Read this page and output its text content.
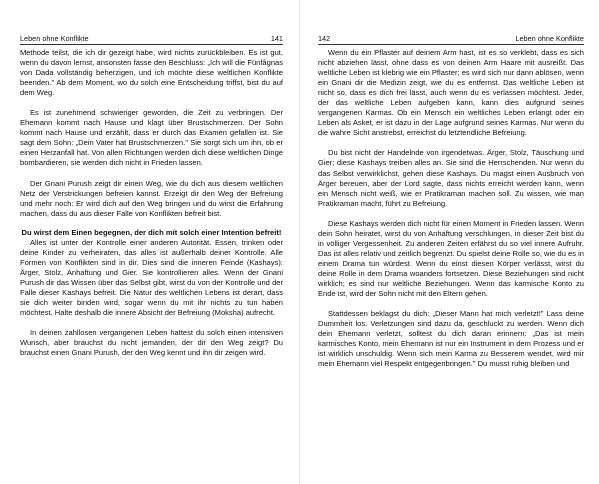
Leben ohne Konflikte	141

Methode teilst, die ich dir gezeigt habe, wird nichts zurückbleiben. Es ist gut, wenn du davon lernst, ansonsten fasse den Beschluss: „Ich will die Fünfâgnas von Dada vollständig beherzigen, und ich möchte diese weltlichen Konflikte beenden." Ab dem Moment, wo du solch eine Entscheidung triffst, bist du auf dem Weg.

Es ist zunehmend schwieriger geworden, die Zeit zu verbringen. Der Ehemann kommt nach Hause und klagt über Brustschmerzen. Der Sohn kommt nach Hause und erzählt, dass er durch das Examen gefallen ist. Sie sagt dem Sohn: „Dein Vater hat Brustschmerzen." Sie sorgt sich um ihn, ob er einen Herzanfall hat. Von allen Richtungen werden dich diese weltlichen Dinge bombardieren, sie werden dich nicht in Frieden lassen.

Der Gnani Purush zeigt dir einen Weg, wie du dich aus diesem weltlichen Netz der Verstrickungen befreien kannst. Erzeigt dir den Weg der Befreiung und mehr noch: Er wird dich auf den Weg bringen und du wirst die Erfahrung machen, dass du aus dieser Falle von Konflikten befreit bist.

Du wirst dem Einen begegnen, der dich mit solch einer Intention befreit!

Alles ist unter der Kontrolle einer anderen Autorität. Essen, trinken oder deine Kinder zu verheiraten, das alles ist außerhalb deiner Kontrolle. Alle Formen von Konflikten sind in dir. Dies sind die inneren Feinde (Kashays): Ärger, Stolz, Anhaftung und Gier. Sie kontrollieren alles. Wenn der Gnani Purush dir das Wissen über das Selbst gibt, wirst du von der Kontrolle und der Falle dieser Kashays befreit. Die Natur des weltlichen Lebens ist derart, dass sie dich weiter binden wird, sogar wenn du mit ihr nichts zu tun haben möchtest. Halte deshalb die innere Absicht der Befreiung (Moksha) aufrecht.

In deinen zahllosen vergangenen Leben hattest du solch einen intensiven Wunsch, aber brauchst du nicht jemanden, der dir den Weg zeigt? Du brauchst einen Gnani Purush, der den Weg kennt und ihn dir zeigen wird.

142	Leben ohne Konflikte

Wenn du ein Pflaster auf deinem Arm hast, ist es so verklebt, dass es sich nicht abziehen lässt, ohne dass es von deinen Arm Haare mit ausreißt. Das weltliche Leben ist klebrig wie ein Pflaster; es wird sich nur dann ablösen, wenn ein Gnani dir die Medizin zeigt, wie du es entfernst. Das weltliche Leben ist nicht so, dass es dich frei lässt, auch wenn du es verlassen möchtest. Jeder, der das weltliche Leben aufgeben kann, kann dies aufgrund seines vergangenen Karmas. Ob ein Mensch ein weltliches Leben erlangt oder ein Leben als Asket, er ist dazu in der Lage aufgrund seines Karmas. Nur wenn du die wahre Sicht anstrebst, erreichst du letztendliche Befreiung.

Du bist nicht der Handelnde von irgendetwas. Ärger, Stolz, Täuschung und Gier; diese Kashays treiben alles an. Sie sind die Herrschenden. Nur wenn du das Selbst verwirklichst, gehen diese Kashays. Du magst einen Ausbruch von Ärger bereuen, aber der Lord sagte, dass nichts erreicht werden kann, wenn ein Mensch nicht weiß, wie er Pratikraman machen soll. Zu wissen, wie man Pratikraman macht, führt zu Befreiung.

Diese Kashays werden dich nicht für einen Moment in Frieden lassen. Wenn dein Sohn heiratet, wirst du von Anhaftung verschlungen, in dieser Zeit bist du in völliger Vergessenheit. Zu anderen Zeiten erfährst du so viel innere Aufruhr. Das ist alles relativ und zeitlich begrenzt. Du spielst deine Rolle so, wie du es in einem Drama tun würdest. Wenn du einst diesen Körper verlässt, wirst du deine Rolle in dem Drama woanders fortsetzen. Diese Beziehungen sind nicht wirklich; es sind nur weltliche Beziehungen. Wenn das karmische Konto zu Ende ist, wird der Sohn nicht mit den Eltern gehen.

Stattdessen beklagst du dich: „Dieser Mann hat mich verletzt!" Lass deine Dummheit los. Verletzungen sind dazu da, geschluckt zu werden. Wenn dich dein Ehemann verletzt, solltest du dich daran erinnern: „Das ist mein karmisches Konto, mein Ehemann ist nur ein Instrument in dem Prozess und er ist wirklich unschuldig. Wenn sich mein Karma zu Besserem wendet, wird mir mein Ehemann viel Respekt entgegenbringen." Du musst ruhig bleiben und
